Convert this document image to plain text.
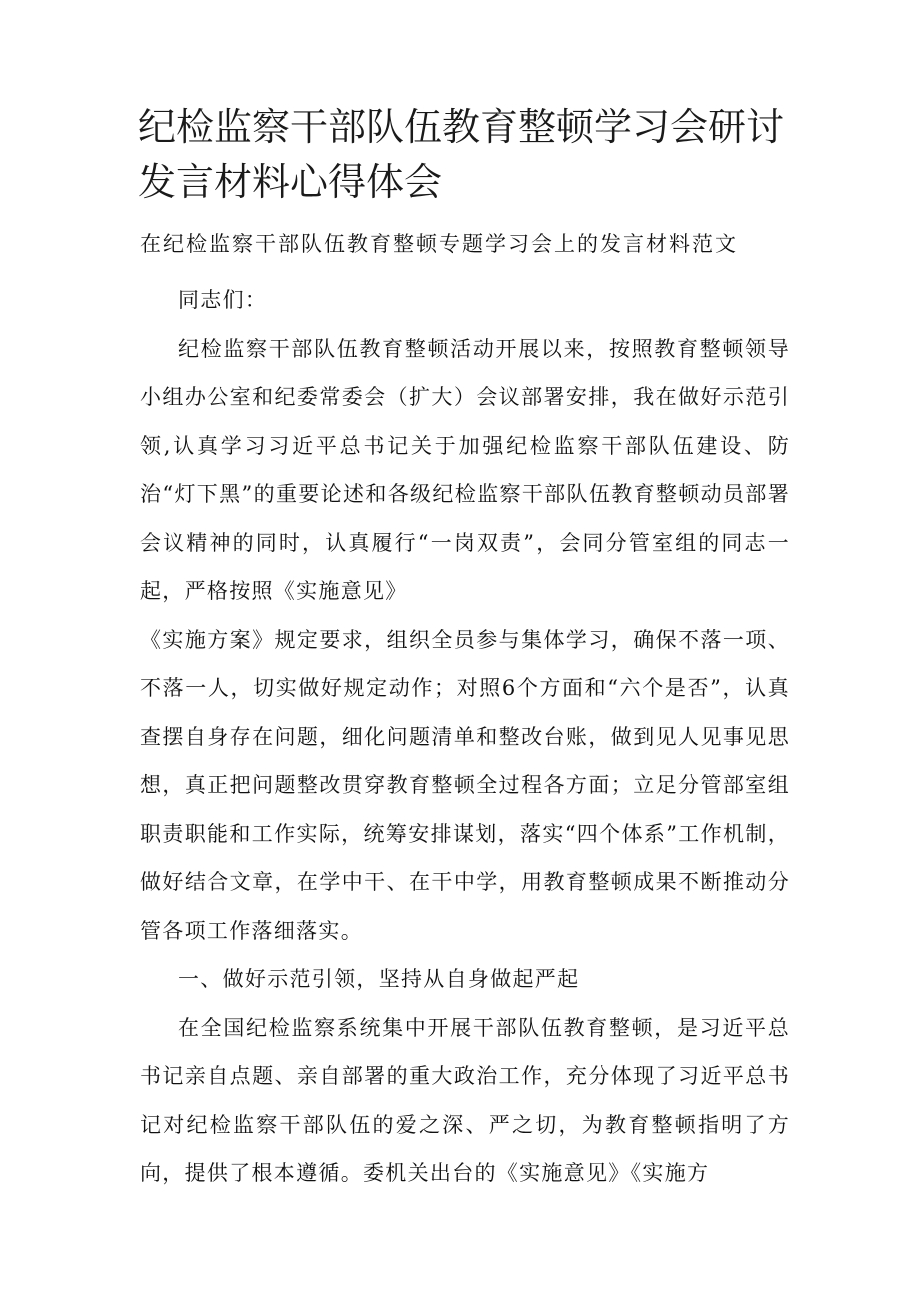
纪检监察干部队伍教育整顿学习会研讨发言材料心得体会

在纪检监察干部队伍教育整顿专题学习会上的发言材料范文

同志们：

纪检监察干部队伍教育整顿活动开展以来，按照教育整顿领导小组办公室和纪委常委会（扩大）会议部署安排，我在做好示范引领,认真学习习近平总书记关于加强纪检监察干部队伍建设、防治“灯下黑”的重要论述和各级纪检监察干部队伍教育整顿动员部署会议精神的同时，认真履行“一岗双责”，会同分管室组的同志一起，严格按照《实施意见》

《实施方案》规定要求，组织全员参与集体学习，确保不落一项、不落一人，切实做好规定动作；对照6个方面和“六个是否”，认真查摆自身存在问题，细化问题清单和整改台账，做到见人见事见思想，真正把问题整改贯穿教育整顿全过程各方面；立足分管部室组职责职能和工作实际，统筹安排谋划，落实“四个体系”工作机制，做好结合文章，在学中干、在干中学，用教育整顿成果不断推动分管各项工作落细落实。

一、做好示范引领，坚持从自身做起严起

在全国纪检监察系统集中开展干部队伍教育整顿，是习近平总书记亲自点题、亲自部署的重大政治工作，充分体现了习近平总书记对纪检监察干部队伍的爱之深、严之切，为教育整顿指明了方向，提供了根本遵循。委机关出台的《实施意见》《实施方
